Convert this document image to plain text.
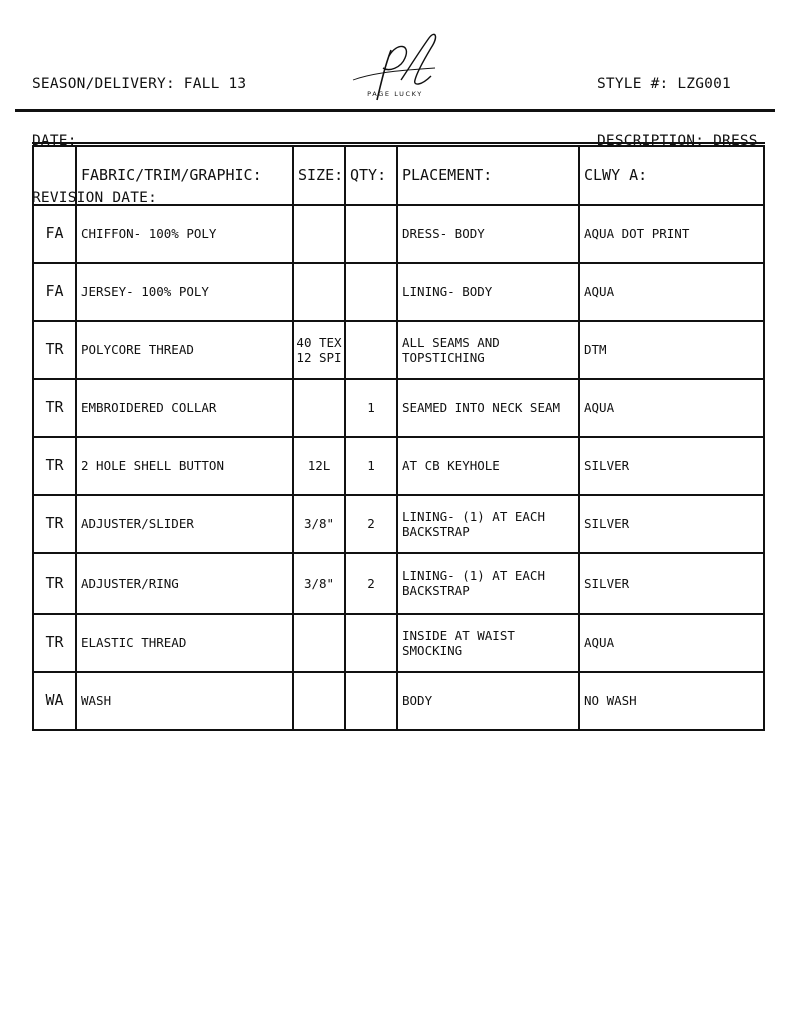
SEASON/DELIVERY: FALL 13

DATE:

REVISION DATE:

PAGE LUCKY

STYLE #: LZG001

DESCRIPTION: DRESS

	FABRIC/TRIM/GRAPHIC:	SIZE:	QTY:	PLACEMENT:	CLWY A:
FA	CHIFFON- 100% POLY			DRESS- BODY	AQUA DOT PRINT
FA	JERSEY- 100% POLY			LINING- BODY	AQUA
TR	POLYCORE THREAD	40 TEX
12 SPI		ALL SEAMS AND
TOPSTICHING	DTM
TR	EMBROIDERED COLLAR		1	SEAMED INTO NECK SEAM	AQUA
TR	2 HOLE SHELL BUTTON	12L	1	AT CB KEYHOLE	SILVER
TR	ADJUSTER/SLIDER	3/8"	2	LINING- (1) AT EACH
BACKSTRAP	SILVER
TR	ADJUSTER/RING	3/8"	2	LINING- (1) AT EACH
BACKSTRAP	SILVER
TR	ELASTIC THREAD			INSIDE AT WAIST
SMOCKING	AQUA
WA	WASH			BODY	NO WASH
